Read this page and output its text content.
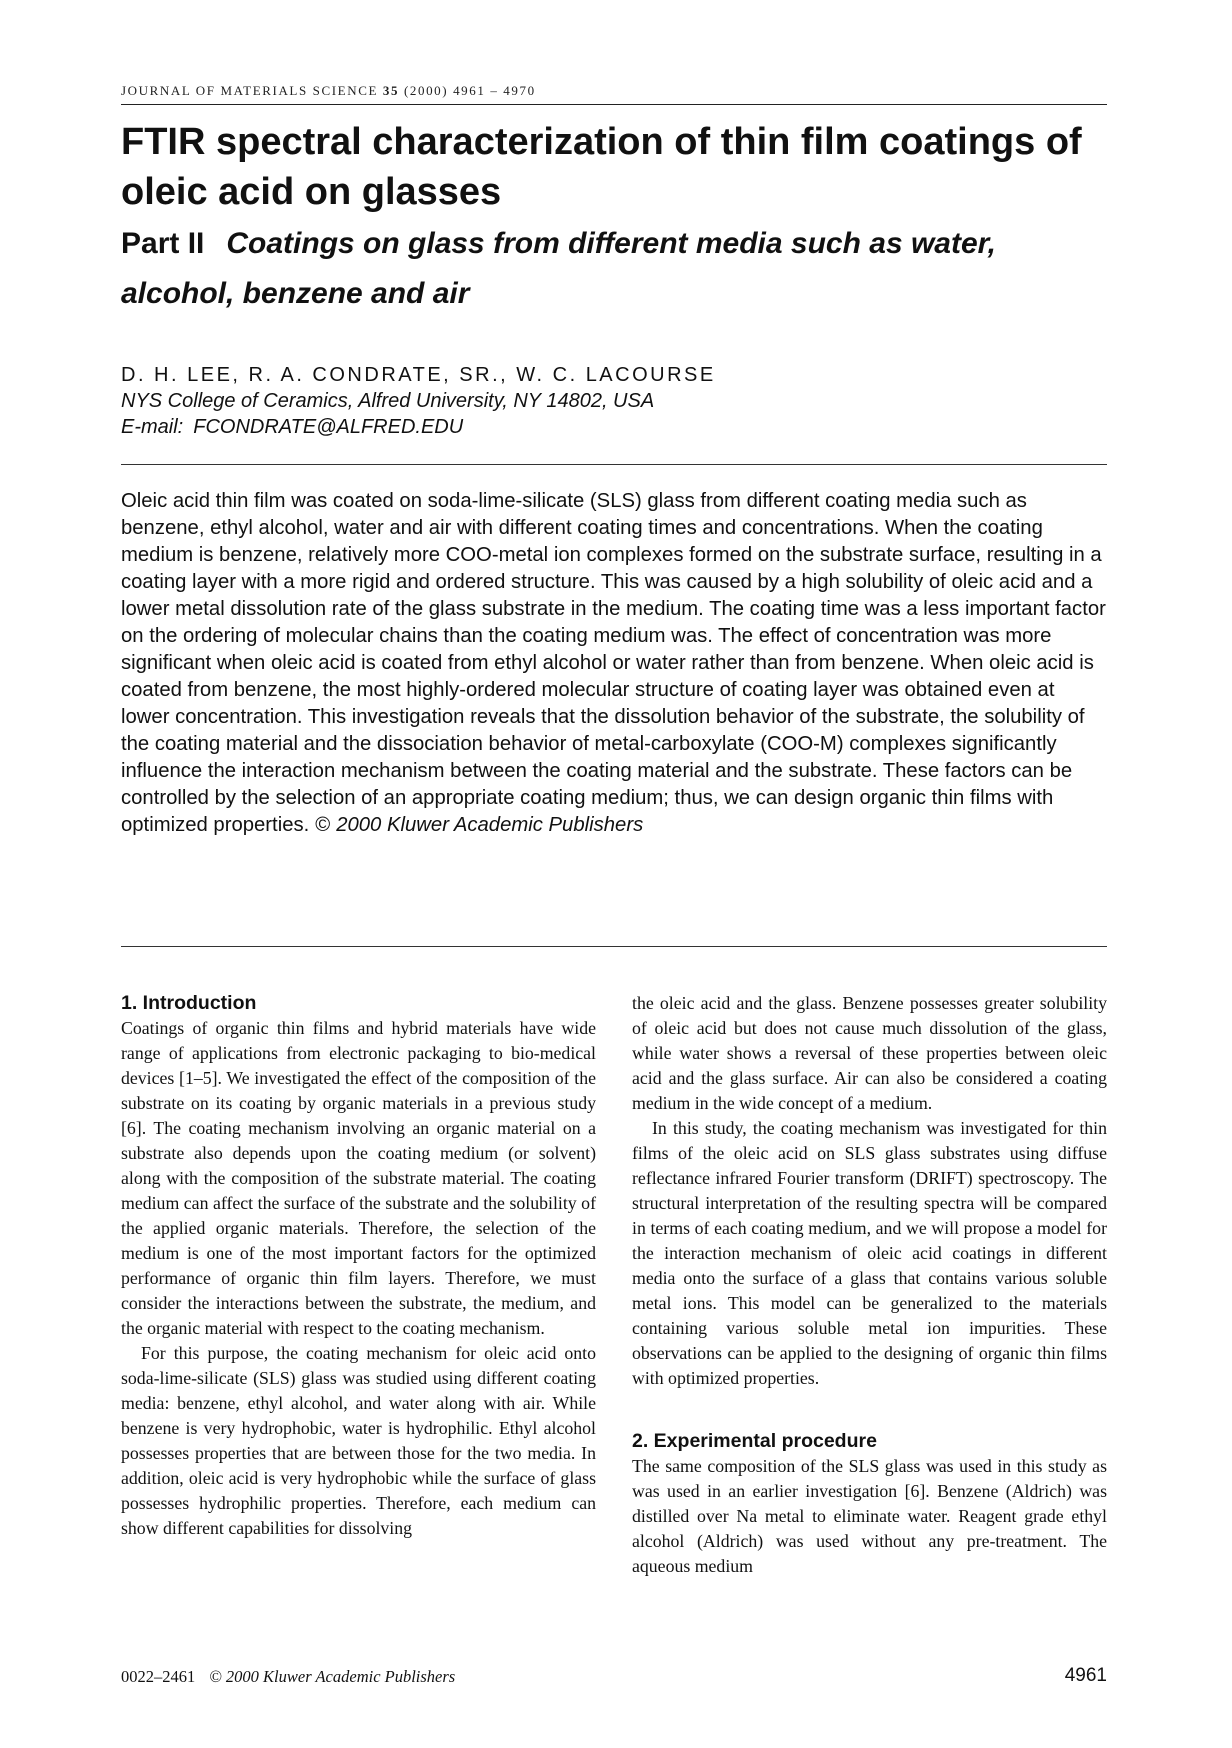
JOURNAL OF MATERIALS SCIENCE 35 (2000) 4961 – 4970
FTIR spectral characterization of thin film coatings of oleic acid on glasses
Part II Coatings on glass from different media such as water, alcohol, benzene and air
D. H. LEE, R. A. CONDRATE, SR., W. C. LACOURSE
NYS College of Ceramics, Alfred University, NY 14802, USA
E-mail: FCONDRATE@ALFRED.EDU

Oleic acid thin film was coated on soda-lime-silicate (SLS) glass from different coating media such as benzene, ethyl alcohol, water and air with different coating times and concentrations. When the coating medium is benzene, relatively more COO-metal ion complexes formed on the substrate surface, resulting in a coating layer with a more rigid and ordered structure. This was caused by a high solubility of oleic acid and a lower metal dissolution rate of the glass substrate in the medium. The coating time was a less important factor on the ordering of molecular chains than the coating medium was. The effect of concentration was more significant when oleic acid is coated from ethyl alcohol or water rather than from benzene. When oleic acid is coated from benzene, the most highly-ordered molecular structure of coating layer was obtained even at lower concentration. This investigation reveals that the dissolution behavior of the substrate, the solubility of the coating material and the dissociation behavior of metal-carboxylate (COO-M) complexes significantly influence the interaction mechanism between the coating material and the substrate. These factors can be controlled by the selection of an appropriate coating medium; thus, we can design organic thin films with optimized properties. © 2000 Kluwer Academic Publishers

1. Introduction

Coatings of organic thin films and hybrid materials have wide range of applications from electronic packaging to bio-medical devices [1–5]. We investigated the effect of the composition of the substrate on its coating by organic materials in a previous study [6]. The coating mechanism involving an organic material on a substrate also depends upon the coating medium (or solvent) along with the composition of the substrate material. The coating medium can affect the surface of the substrate and the solubility of the applied organic materials. Therefore, the selection of the medium is one of the most important factors for the optimized performance of organic thin film layers. Therefore, we must consider the interactions between the substrate, the medium, and the organic material with respect to the coating mechanism.

For this purpose, the coating mechanism for oleic acid onto soda-lime-silicate (SLS) glass was studied using different coating media: benzene, ethyl alcohol, and water along with air. While benzene is very hydrophobic, water is hydrophilic. Ethyl alcohol possesses properties that are between those for the two media. In addition, oleic acid is very hydrophobic while the surface of glass possesses hydrophilic properties. Therefore, each medium can show different capabilities for dissolving

the oleic acid and the glass. Benzene possesses greater solubility of oleic acid but does not cause much dissolution of the glass, while water shows a reversal of these properties between oleic acid and the glass surface. Air can also be considered a coating medium in the wide concept of a medium.

In this study, the coating mechanism was investigated for thin films of the oleic acid on SLS glass substrates using diffuse reflectance infrared Fourier transform (DRIFT) spectroscopy. The structural interpretation of the resulting spectra will be compared in terms of each coating medium, and we will propose a model for the interaction mechanism of oleic acid coatings in different media onto the surface of a glass that contains various soluble metal ions. This model can be generalized to the materials containing various soluble metal ion impurities. These observations can be applied to the designing of organic thin films with optimized properties.

2. Experimental procedure

The same composition of the SLS glass was used in this study as was used in an earlier investigation [6]. Benzene (Aldrich) was distilled over Na metal to eliminate water. Reagent grade ethyl alcohol (Aldrich) was used without any pre-treatment. The aqueous medium

0022–2461 © 2000 Kluwer Academic Publishers	4961
